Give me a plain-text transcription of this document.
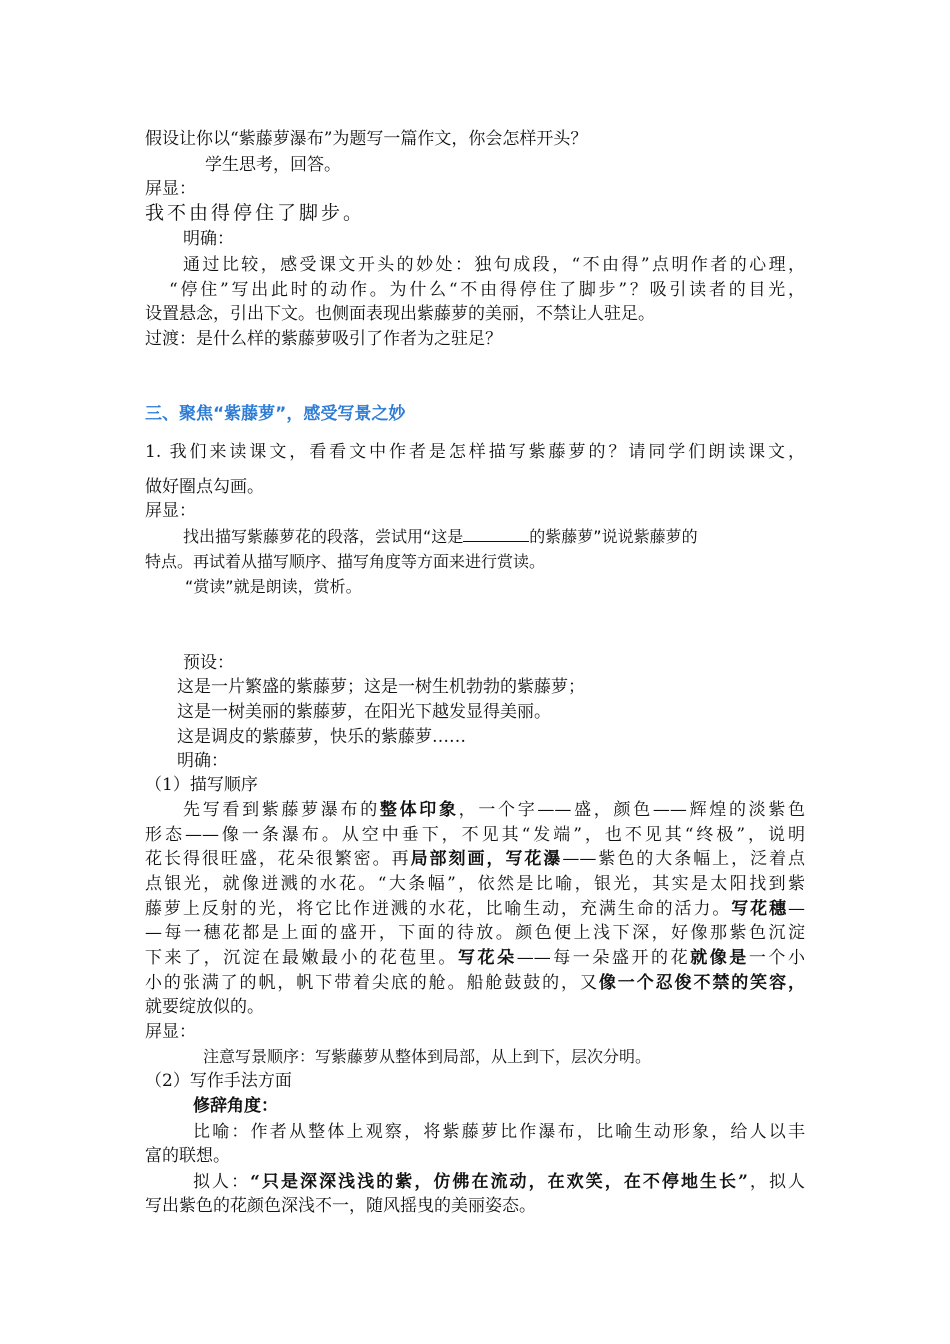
假设让你以“紫藤萝瀑布”为题写一篇作文，你会怎样开头？
学生思考，回答。
屏显：
我不由得停住了脚步。
明确：
通过比较，感受课文开头的妙处：独句成段，“不由得”点明作者的心理，
“停住”写出此时的动作。为什么“不由得停住了脚步”？吸引读者的目光，
设置悬念，引出下文。也侧面表现出紫藤萝的美丽，不禁让人驻足。
过渡：是什么样的紫藤萝吸引了作者为之驻足？
三、聚焦“紫藤萝”，感受写景之妙
1. 我们来读课文，看看文中作者是怎样描写紫藤萝的？请同学们朗读课文，
做好圈点勾画。
屏显：
找出描写紫藤萝花的段落，尝试用“这是	的紫藤萝”说说紫藤萝的
特点。再试着从描写顺序、描写角度等方面来进行赏读。
“赏读”就是朗读，赏析。
预设：
这是一片繁盛的紫藤萝；这是一树生机勃勃的紫藤萝；
这是一树美丽的紫藤萝，在阳光下越发显得美丽。
这是调皮的紫藤萝，快乐的紫藤萝……
明确：
（1）描写顺序
先写看到紫藤萝瀑布的整体印象，一个字——盛，颜色——辉煌的淡紫色
形态——像一条瀑布。从空中垂下，不见其“发端”，也不见其“终极”，说明
花长得很旺盛，花朵很繁密。再局部刻画，写花瀑——紫色的大条幅上，泛着点
点银光，就像迸溅的水花。“大条幅”，依然是比喻，银光，其实是太阳找到紫
藤萝上反射的光，将它比作迸溅的水花，比喻生动，充满生命的活力。写花穗—
—每一穗花都是上面的盛开，下面的待放。颜色便上浅下深，好像那紫色沉淀
下来了，沉淀在最嫩最小的花苞里。写花朵——每一朵盛开的花就像是一个小
小的张满了的帆，帆下带着尖底的舱。船舱鼓鼓的，又像一个忍俊不禁的笑容，
就要绽放似的。
屏显：
注意写景顺序：写紫藤萝从整体到局部，从上到下，层次分明。
（2）写作手法方面
修辞角度：
比喻：作者从整体上观察，将紫藤萝比作瀑布，比喻生动形象，给人以丰
富的联想。
拟人：“只是深深浅浅的紫，仿佛在流动，在欢笑，在不停地生长”，拟人
写出紫色的花颜色深浅不一，随风摇曳的美丽姿态。
